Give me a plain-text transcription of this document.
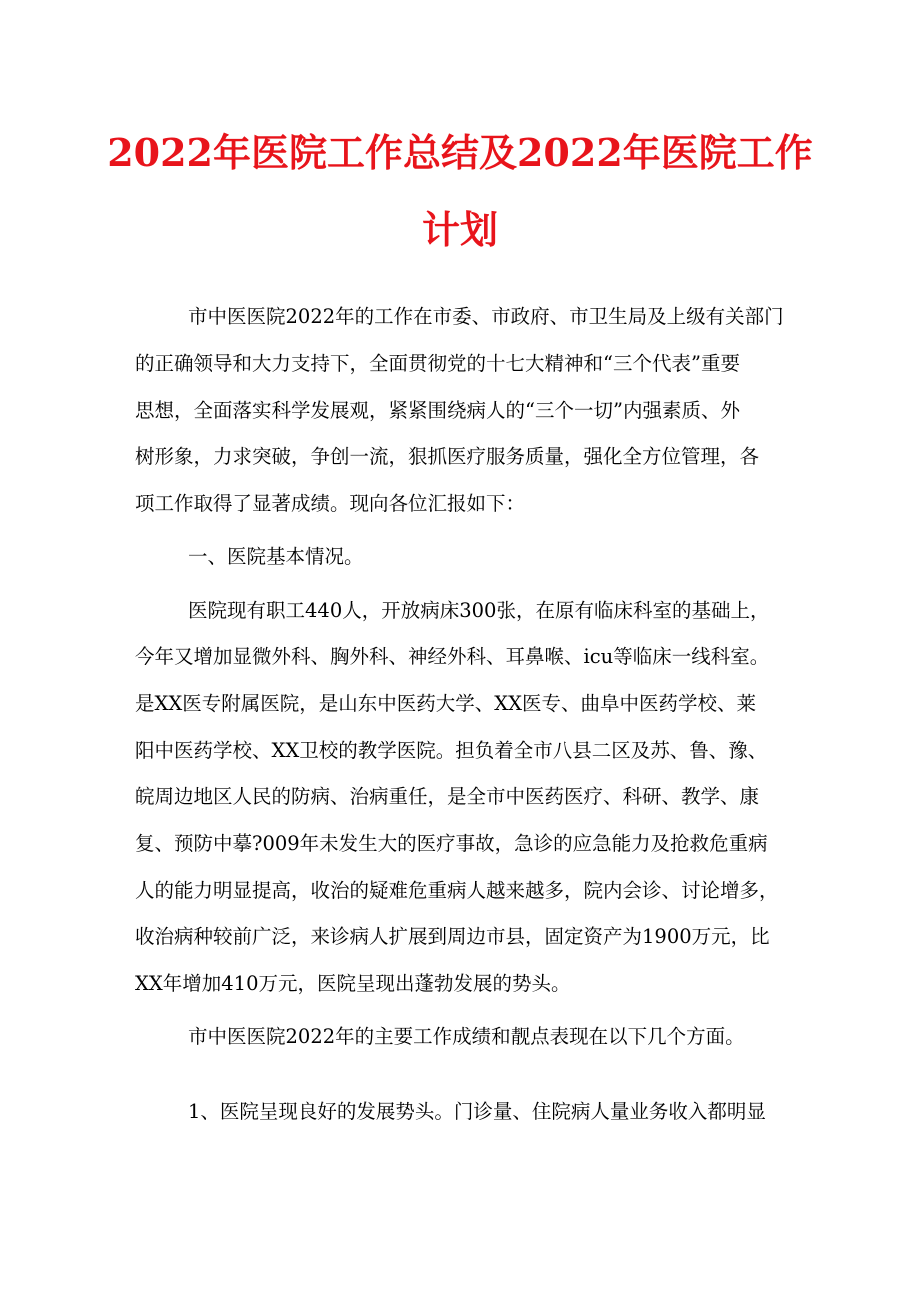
2022年医院工作总结及2022年医院工作
计划
市中医医院2022年的工作在市委、市政府、市卫生局及上级有关部门
的正确领导和大力支持下，全面贯彻党的十七大精神和“三个代表”重要
思想，全面落实科学发展观，紧紧围绕病人的“三个一切”内强素质、外
树形象，力求突破，争创一流，狠抓医疗服务质量，强化全方位管理，各
项工作取得了显著成绩。现向各位汇报如下：
一、医院基本情况。
医院现有职工440人，开放病床300张，在原有临床科室的基础上，
今年又增加显微外科、胸外科、神经外科、耳鼻喉、icu等临床一线科室。
是XX医专附属医院，是山东中医药大学、XX医专、曲阜中医药学校、莱
阳中医药学校、XX卫校的教学医院。担负着全市八县二区及苏、鲁、豫、
皖周边地区人民的防病、治病重任，是全市中医药医疗、科研、教学、康
复、预防中摹?009年未发生大的医疗事故，急诊的应急能力及抢救危重病
人的能力明显提高，收治的疑难危重病人越来越多，院内会诊、讨论增多，
收治病种较前广泛，来诊病人扩展到周边市县，固定资产为1900万元，比
XX年增加410万元，医院呈现出蓬勃发展的势头。
市中医医院2022年的主要工作成绩和靓点表现在以下几个方面。
1、医院呈现良好的发展势头。门诊量、住院病人量业务收入都明显
